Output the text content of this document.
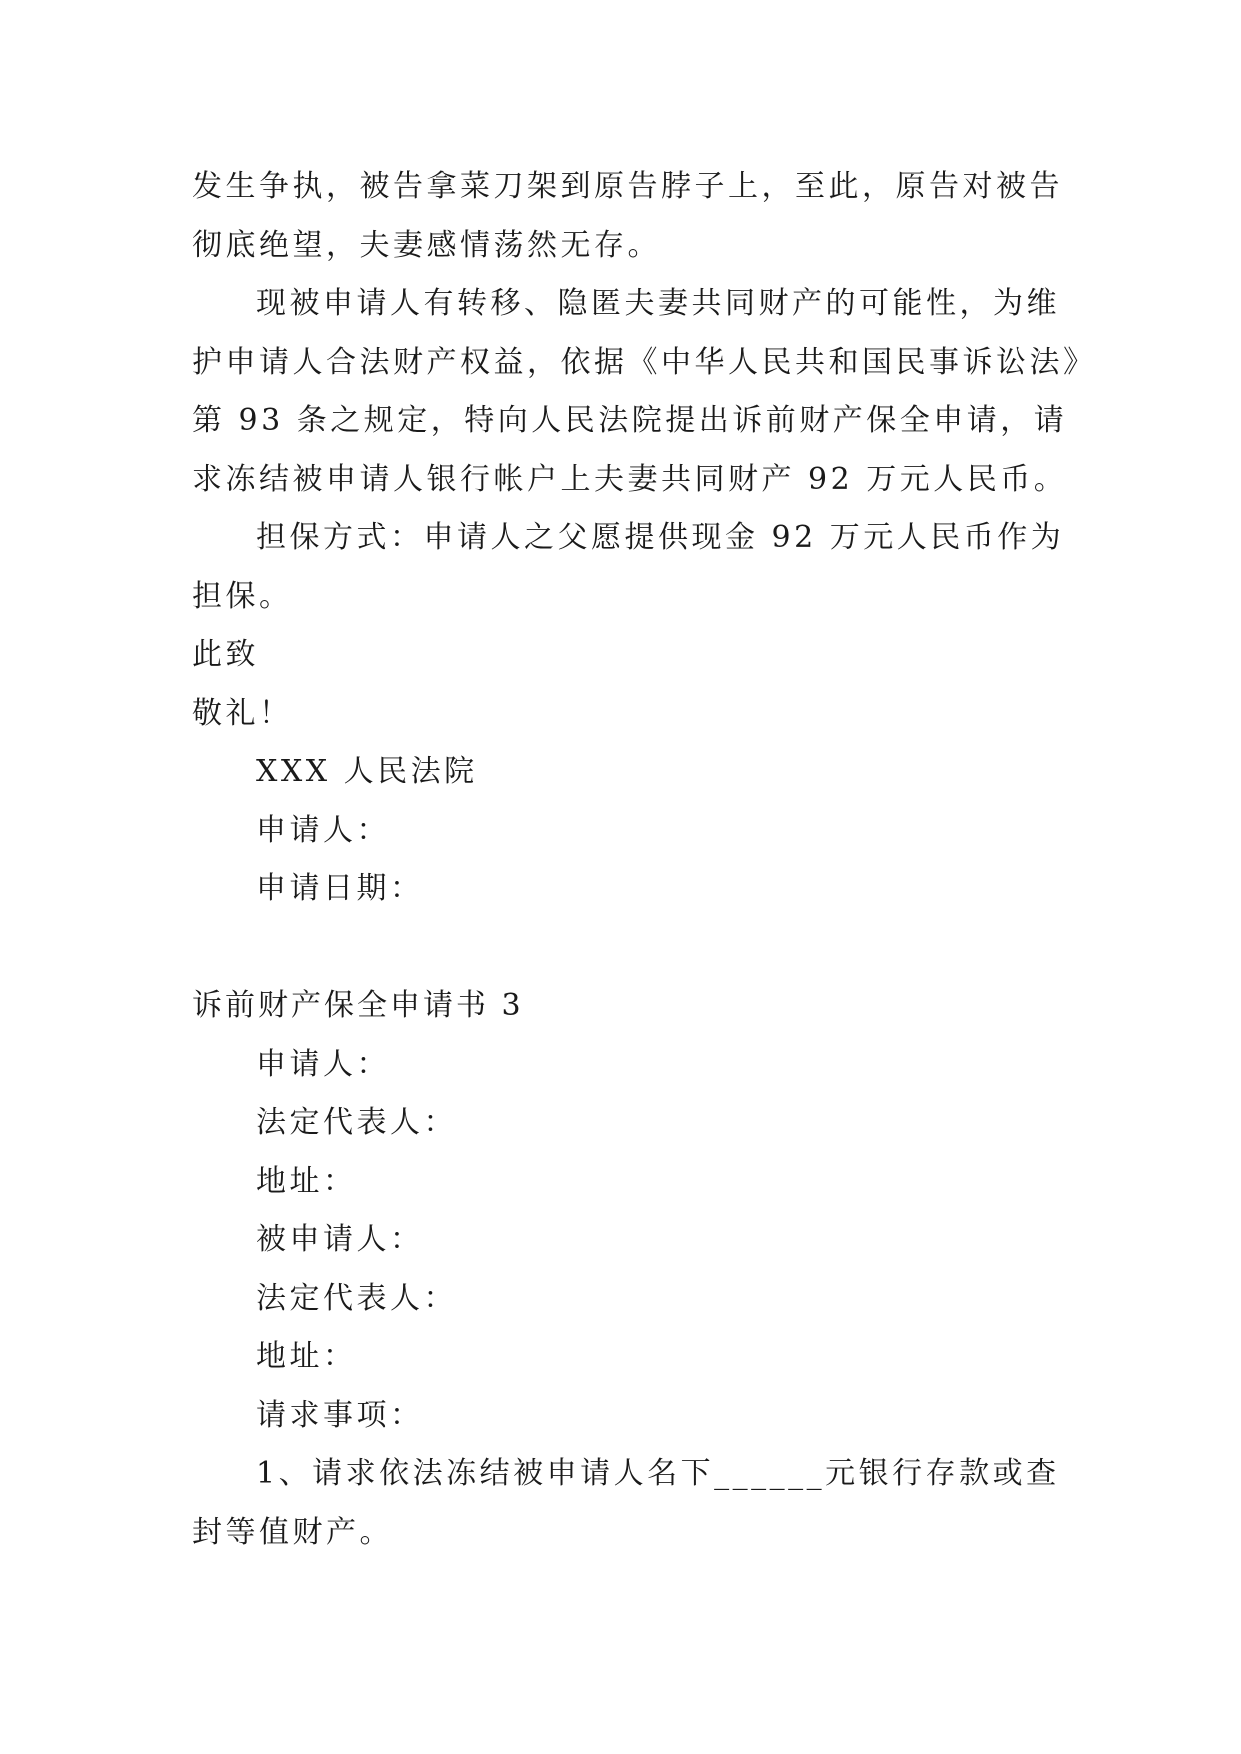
发生争执，被告拿菜刀架到原告脖子上，至此，原告对被告
彻底绝望，夫妻感情荡然无存。
现被申请人有转移、隐匿夫妻共同财产的可能性，为维
护申请人合法财产权益，依据《中华人民共和国民事诉讼法》
第 93 条之规定，特向人民法院提出诉前财产保全申请，请
求冻结被申请人银行帐户上夫妻共同财产 92 万元人民币。
担保方式：申请人之父愿提供现金 92 万元人民币作为
担保。
此致
敬礼！
XXX 人民法院
申请人：
申请日期：
诉前财产保全申请书 3
申请人：
法定代表人：
地址：
被申请人：
法定代表人：
地址：
请求事项：
1、请求依法冻结被申请人名下______元银行存款或查
封等值财产。
